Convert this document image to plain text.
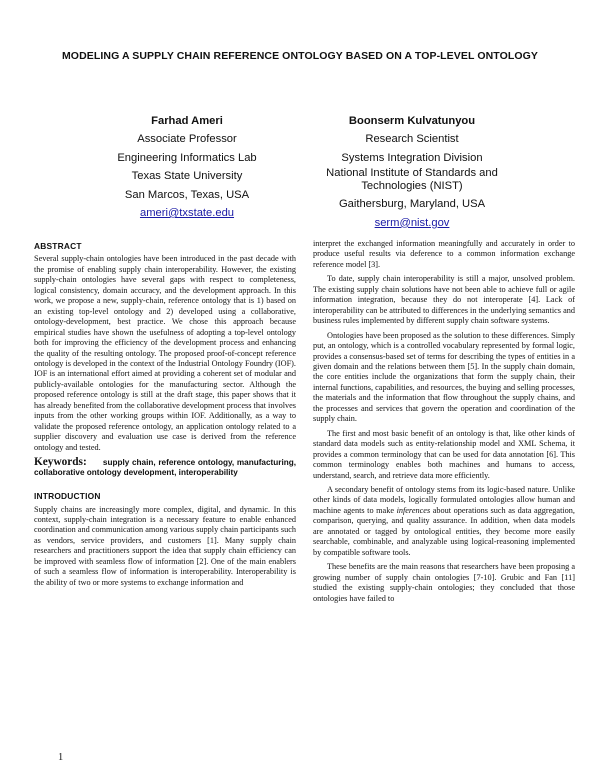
MODELING A SUPPLY CHAIN REFERENCE ONTOLOGY BASED ON A TOP-LEVEL ONTOLOGY
Farhad Ameri
Associate Professor
Engineering Informatics Lab
Texas State University
San Marcos, Texas, USA
ameri@txstate.edu
Boonserm Kulvatunyou
Research Scientist
Systems Integration Division
National Institute of Standards and Technologies (NIST)
Gaithersburg, Maryland, USA
serm@nist.gov
ABSTRACT

Several supply-chain ontologies have been introduced in the past decade with the promise of enabling supply chain interoperability. However, the existing supply-chain ontologies have several gaps with respect to completeness, logical consistency, domain accuracy, and the development approach. In this work, we propose a new, supply-chain, reference ontology that is 1) based on an existing top-level ontology and 2) developed using a collaborative, ontology-development, best practice. We chose this approach because empirical studies have shown the usefulness of adopting a top-level ontology both for improving the efficiency of the development process and enhancing the quality of the resulting ontology. The proposed proof-of-concept reference ontology is developed in the context of the Industrial Ontology Foundry (IOF). IOF is an international effort aimed at providing a coherent set of modular and publicly-available ontologies for the manufacturing sector. Although the proposed reference ontology is still at the draft stage, this paper shows that it has already benefited from the collaborative development process that involves inputs from the other working groups within IOF. Additionally, as a way to validate the proposed reference ontology, an application ontology related to a supplier discovery and evaluation use case is derived from the reference ontology and tested.

Keywords: supply chain, reference ontology, manufacturing, collaborative ontology development, interoperability
INTRODUCTION

Supply chains are increasingly more complex, digital, and dynamic. In this context, supply-chain integration is a necessary feature to enable enhanced coordination and communication among various supply chain participants such as vendors, service providers, and customers [1]. Many supply chain researchers and practitioners support the idea that supply chain efficiency can be improved with seamless flow of information [2]. One of the main enablers of such a seamless flow of information is interoperability. Interoperability is the ability of two or more systems to exchange information and

interpret the exchanged information meaningfully and accurately in order to produce useful results via deference to a common information exchange reference model [3].

To date, supply chain interoperability is still a major, unsolved problem. The existing supply chain solutions have not been able to achieve full or agile information integration, because they do not interoperate [4]. Lack of interoperability can be attributed to differences in the underlying semantics and business rules implemented by different supply chain software systems.

Ontologies have been proposed as the solution to these differences. Simply put, an ontology, which is a controlled vocabulary represented by formal logic, provides a consensus-based set of terms for describing the types of entities in a given domain and the relations between them [5]. In the supply chain domain, the core entities include the organizations that form the supply chain, their internal functions, capabilities, and resources, the buying and selling processes, the materials and the information that flow throughout the supply chains, and the processes and services that govern the operation and coordination of the supply chain.

The first and most basic benefit of an ontology is that, like other kinds of standard data models such as entity-relationship model and XML Schema, it provides a common terminology that can be used for data annotation [6]. This common terminology enables both machines and humans to access, understand, search, and retrieve data more efficiently.

A secondary benefit of ontology stems from its logic-based nature. Unlike other kinds of data models, logically formulated ontologies allow human and machine agents to make inferences about operations such as data aggregation, comparison, querying, and quality assurance. In addition, when data models are annotated or tagged by ontological entities, they become more easily searchable, combinable, and analyzable using logical-reasoning implemented by compatible software tools.

These benefits are the main reasons that researchers have been proposing a growing number of supply chain ontologies [7-10]. Grubic and Fan [11] studied the existing supply-chain ontologies; they concluded that those ontologies have failed to

1
